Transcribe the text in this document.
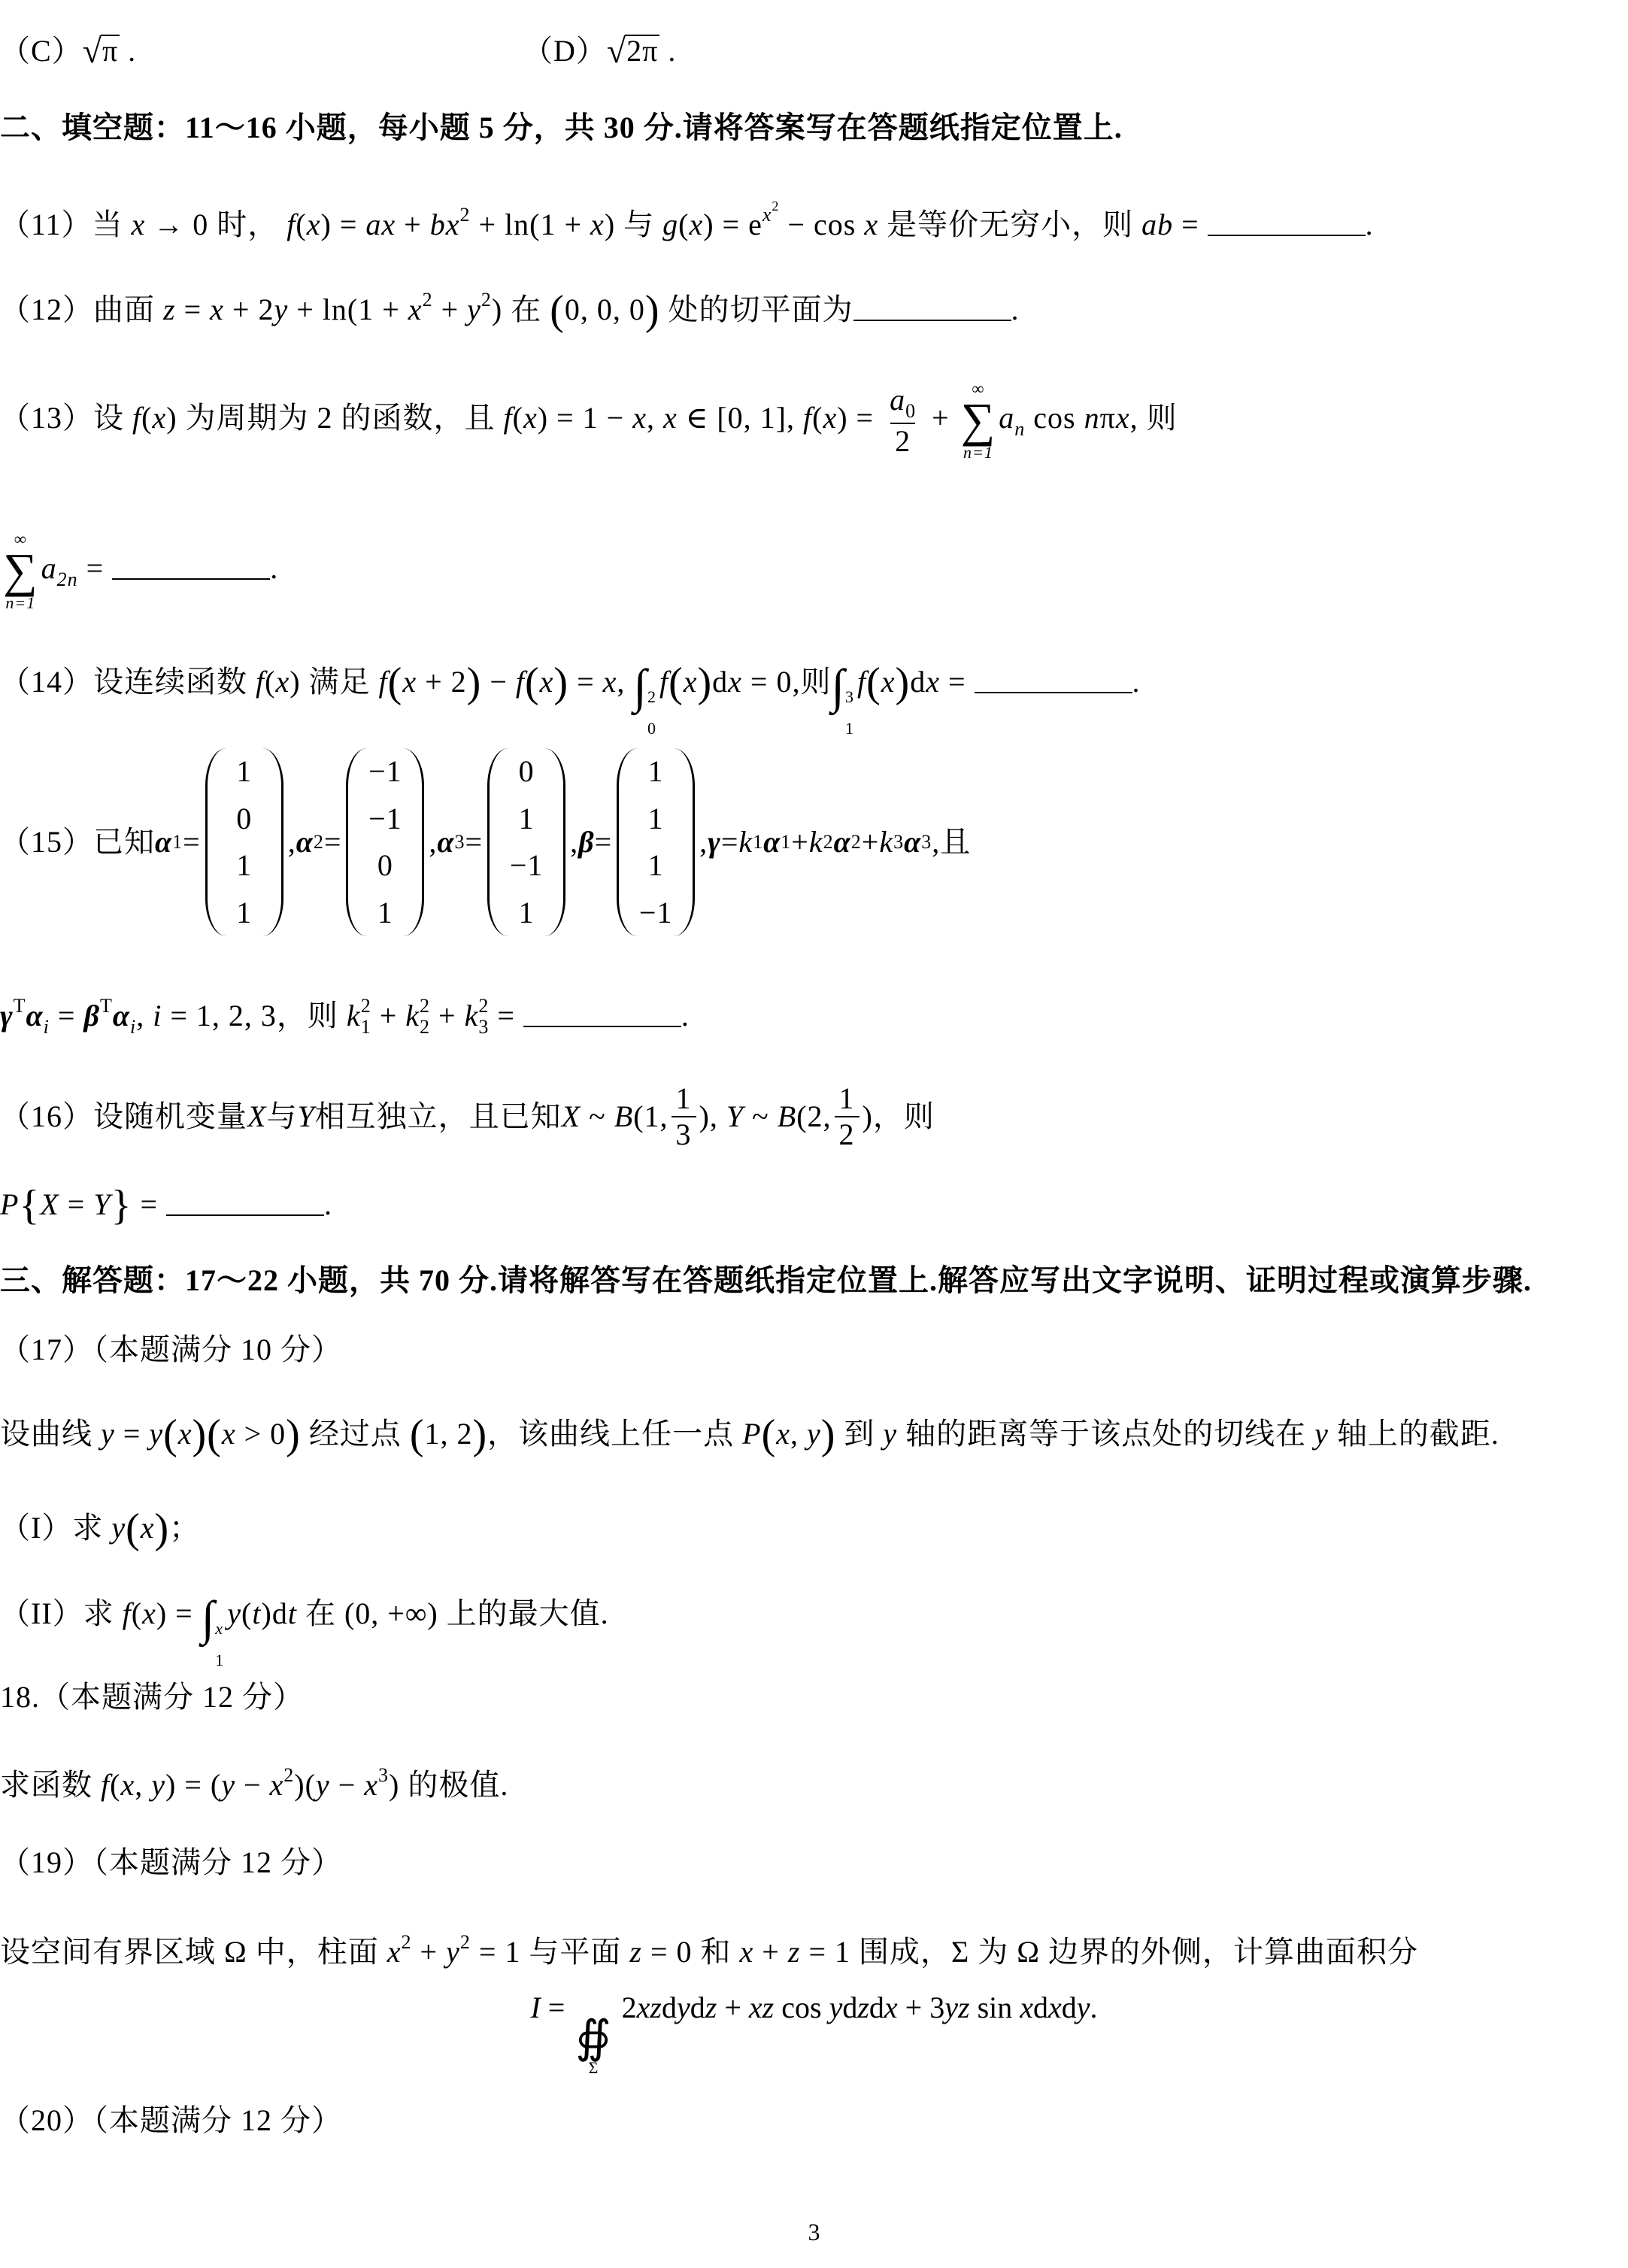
（C）√π .	（D）√2π .
二、填空题：11～16 小题，每小题 5 分，共 30 分.请将答案写在答题纸指定位置上.
（11）当 x → 0 时， f(x) = ax + $bx^2 + \ln(1 + x)$ 与 $g(x) = e^{x^2} - \cos x$ 是等价无穷小，则 ab =	.
（12）曲面 $z = x + 2y + \ln(1 + x^2 + y^2)$ 在 (0, 0, 0) 处的切平面为	.
（13）设 f(x) 为周期为 2 的函数，且 f(x) = 1 − x, x ∈ [0, 1], $f(x) = \frac{a_0}{2}$ +
∞
∑
n=1
$a_n$ cos nπx, 则
∞
∑
n=1
$a_{2n}$ =	.
（14）设连续函数 f(x) 满足 f(x + 2) − f(x) = x, ∫ 2
0
f(x)dx = 0,则∫ 3
1
f(x)dx =	.
（15） 已知 α 1 =
1
0
1
1
, α 2 =
−1
−1
0
1
, α 3 =
0
1
−1
1
, β =
1
1
1
−1
, γ = k 1 α 1 + k 2 α 2 + k 3 α 3 , 且
$\gamma^T\alpha_i = \beta^T\alpha_i$, i = 1, 2, 3，则 $k^2_1 + k^2_2 + k^2_3$ =	.
（16） 设随机变量 X 与 Y 相互独立，且已知 X ~ B (1, $\frac{1}{3}$ ), Y ~ B (2, $\frac{1}{2}$ ) ，则
P{X = Y} =	.
三、解答题：17～22 小题，共 70 分.请将解答写在答题纸指定位置上.解答应写出文字说明、证明过程或演算步骤.
（17）（本题满分 10 分）
设曲线 y = y(x)(x > 0) 经过点 (1, 2)，该曲线上任一点 P(x, y) 到 y 轴的距离等于该点处的切线在 y 轴上的截距.
（I）求 y(x)；
（II）求 f(x) = ∫ x
1
y(t)dt 在 (0, +∞) 上的最大值.
18.（本题满分 12 分）
求函数 f(x, $y) = (y - x^2)(y - x^3)$ 的极值.
（19）（本题满分 12 分）
设空间有界区域 Ω 中，柱面 $x^2 + y^2 = 1$ 与平面 z = 0 和 x + z = 1 围成，Σ 为 Ω 边界的外侧，计算曲面积分
I =
∯
Σ
2xzdydz + xz cos ydzdx + 3yz sin xdxdy.
（20）（本题满分 12 分）
3
